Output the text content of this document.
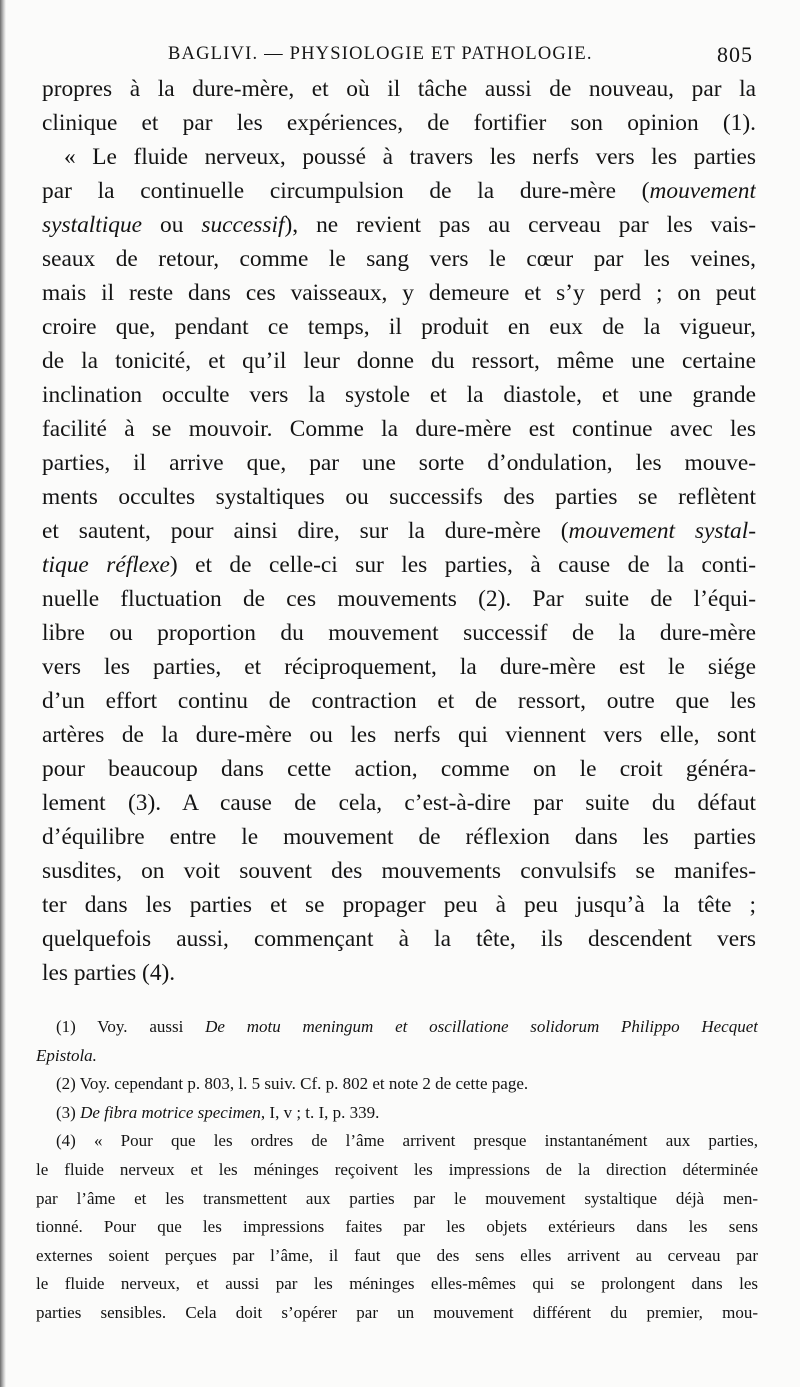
BAGLIVI. — PHYSIOLOGIE ET PATHOLOGIE.	805
propres à la dure-mère, et où il tâche aussi de nouveau, par la
clinique et par les expériences, de fortifier son opinion (1).
« Le fluide nerveux, poussé à travers les nerfs vers les parties
par la continuelle circumpulsion de la dure-mère (mouvement
systaltique ou successif), ne revient pas au cerveau par les vais-
seaux de retour, comme le sang vers le cœur par les veines,
mais il reste dans ces vaisseaux, y demeure et s’y perd ; on peut
croire que, pendant ce temps, il produit en eux de la vigueur,
de la tonicité, et qu’il leur donne du ressort, même une certaine
inclination occulte vers la systole et la diastole, et une grande
facilité à se mouvoir. Comme la dure-mère est continue avec les
parties, il arrive que, par une sorte d’ondulation, les mouve-
ments occultes systaltiques ou successifs des parties se reflètent
et sautent, pour ainsi dire, sur la dure-mère (mouvement systal-
tique réflexe) et de celle-ci sur les parties, à cause de la conti-
nuelle fluctuation de ces mouvements (2). Par suite de l’équi-
libre ou proportion du mouvement successif de la dure-mère
vers les parties, et réciproquement, la dure-mère est le siége
d’un effort continu de contraction et de ressort, outre que les
artères de la dure-mère ou les nerfs qui viennent vers elle, sont
pour beaucoup dans cette action, comme on le croit généra-
lement (3). A cause de cela, c’est-à-dire par suite du défaut
d’équilibre entre le mouvement de réflexion dans les parties
susdites, on voit souvent des mouvements convulsifs se manifes-
ter dans les parties et se propager peu à peu jusqu’à la tête ;
quelquefois aussi, commençant à la tête, ils descendent vers
les parties (4).
(1) Voy. aussi De motu meningum et oscillatione solidorum Philippo Hecquet
Epistola.
(2) Voy. cependant p. 803, l. 5 suiv. Cf. p. 802 et note 2 de cette page.
(3) De fibra motrice specimen, I, v ; t. I, p. 339.
(4) « Pour que les ordres de l’âme arrivent presque instantanément aux parties,
le fluide nerveux et les méninges reçoivent les impressions de la direction déterminée
par l’âme et les transmettent aux parties par le mouvement systaltique déjà men-
tionné. Pour que les impressions faites par les objets extérieurs dans les sens
externes soient perçues par l’âme, il faut que des sens elles arrivent au cerveau par
le fluide nerveux, et aussi par les méninges elles-mêmes qui se prolongent dans les
parties sensibles. Cela doit s’opérer par un mouvement différent du premier, mou-
